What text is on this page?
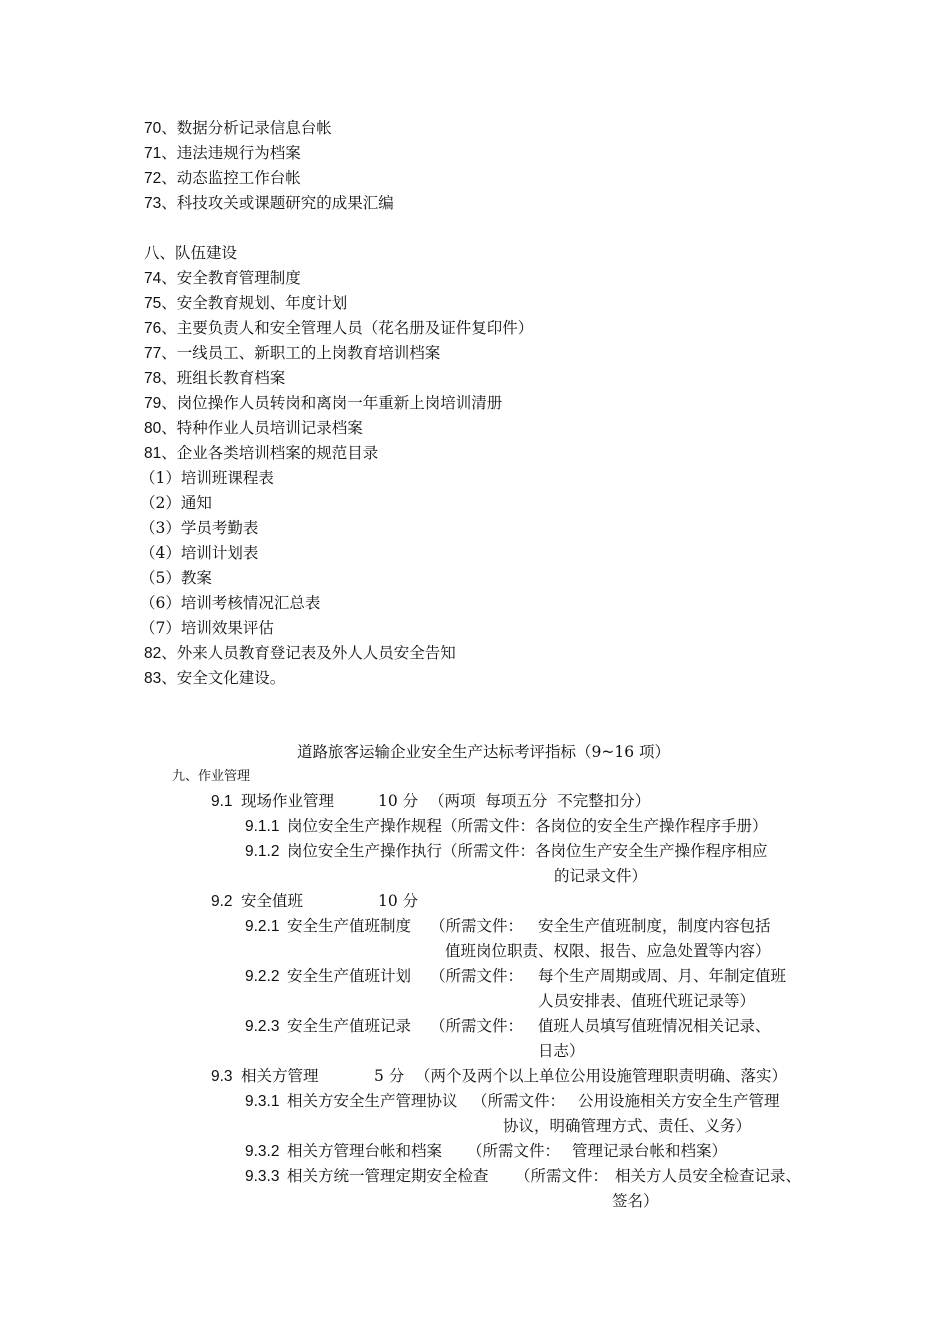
70、数据分析记录信息台帐
71、违法违规行为档案
72、动态监控工作台帐
73、科技攻关或课题研究的成果汇编
八、队伍建设
74、安全教育管理制度
75、安全教育规划、年度计划
76、主要负责人和安全管理人员（花名册及证件复印件）
77、一线员工、新职工的上岗教育培训档案
78、班组长教育档案
79、岗位操作人员转岗和离岗一年重新上岗培训清册
80、特种作业人员培训记录档案
81、企业各类培训档案的规范目录
（1）培训班课程表
（2）通知
（3）学员考勤表
（4）培训计划表
（5）教案
（6）培训考核情况汇总表
（7）培训效果评估
82、外来人员教育登记表及外人人员安全告知
83、安全文化建设。
道路旅客运输企业安全生产达标考评指标（9~16 项）
九、作业管理
9.1 现场作业管理	10 分 （两项  每项五分  不完整扣分）
9.1.1 岗位安全生产操作规程（所需文件：各岗位的安全生产操作程序手册）
9.1.2 岗位安全生产操作执行（所需文件：各岗位生产安全生产操作程序相应
的记录文件）
9.2 安全值班	10 分
9.2.1 安全生产值班制度 （所需文件： 安全生产值班制度，制度内容包括
值班岗位职责、权限、报告、应急处置等内容）
9.2.2 安全生产值班计划 （所需文件： 每个生产周期或周、月、年制定值班
人员安排表、值班代班记录等）
9.2.3 安全生产值班记录 （所需文件： 值班人员填写值班情况相关记录、
日志）
9.3 相关方管理	5 分 （两个及两个以上单位公用设施管理职责明确、落实）
9.3.1 相关方安全生产管理协议 （所需文件： 公用设施相关方安全生产管理
协议，明确管理方式、责任、义务）
9.3.2 相关方管理台帐和档案 （所需文件： 管理记录台帐和档案）
9.3.3 相关方统一管理定期安全检查 （所需文件： 相关方人员安全检查记录、
签名）
